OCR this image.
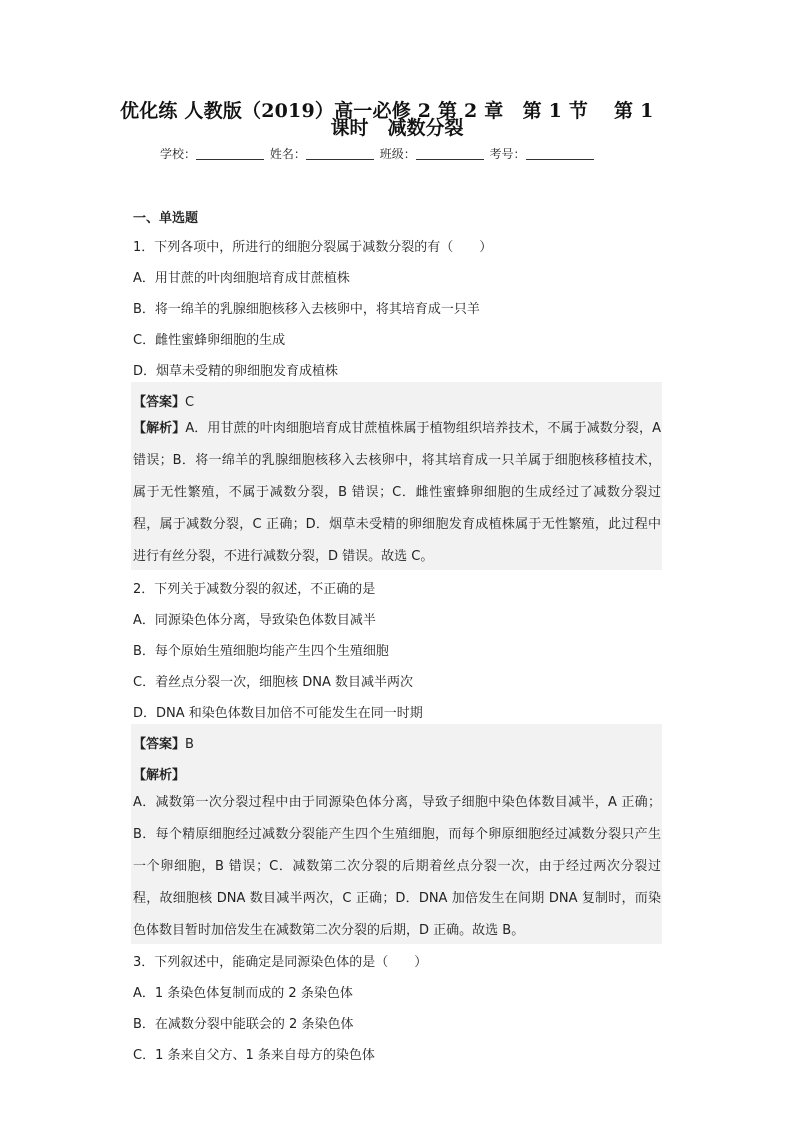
优化练 人教版（2019）高一必修 2 第 2 章　第 1 节　 第 1
课时　减数分裂
学校：	姓名：	班级：	考号：
一、单选题
1．下列各项中，所进行的细胞分裂属于减数分裂的有（　　）
A．用甘蔗的叶肉细胞培育成甘蔗植株
B．将一绵羊的乳腺细胞核移入去核卵中，将其培育成一只羊
C．雌性蜜蜂卵细胞的生成
D．烟草未受精的卵细胞发育成植株
【答案】C
【解析】A．用甘蔗的叶肉细胞培育成甘蔗植株属于植物组织培养技术，不属于减数分裂，A 错误；B．将一绵羊的乳腺细胞核移入去核卵中，将其培育成一只羊属于细胞核移植技术，属于无性繁殖，不属于减数分裂，B 错误；C．雌性蜜蜂卵细胞的生成经过了减数分裂过程，属于减数分裂，C 正确；D．烟草未受精的卵细胞发育成植株属于无性繁殖，此过程中进行有丝分裂，不进行减数分裂，D 错误。故选 C。
2．下列关于减数分裂的叙述，不正确的是
A．同源染色体分离，导致染色体数目减半
B．每个原始生殖细胞均能产生四个生殖细胞
C．着丝点分裂一次，细胞核 DNA 数目减半两次
D．DNA 和染色体数目加倍不可能发生在同一时期
【答案】B
【解析】
A．减数第一次分裂过程中由于同源染色体分离，导致子细胞中染色体数目减半，A 正确；B．每个精原细胞经过减数分裂能产生四个生殖细胞，而每个卵原细胞经过减数分裂只产生一个卵细胞，B 错误；C．减数第二次分裂的后期着丝点分裂一次，由于经过两次分裂过程，故细胞核 DNA 数目减半两次，C 正确；D．DNA 加倍发生在间期 DNA 复制时，而染色体数目暂时加倍发生在减数第二次分裂的后期，D 正确。故选 B。
3．下列叙述中，能确定是同源染色体的是（　　）
A．1 条染色体复制而成的 2 条染色体
B．在减数分裂中能联会的 2 条染色体
C．1 条来自父方、1 条来自母方的染色体
